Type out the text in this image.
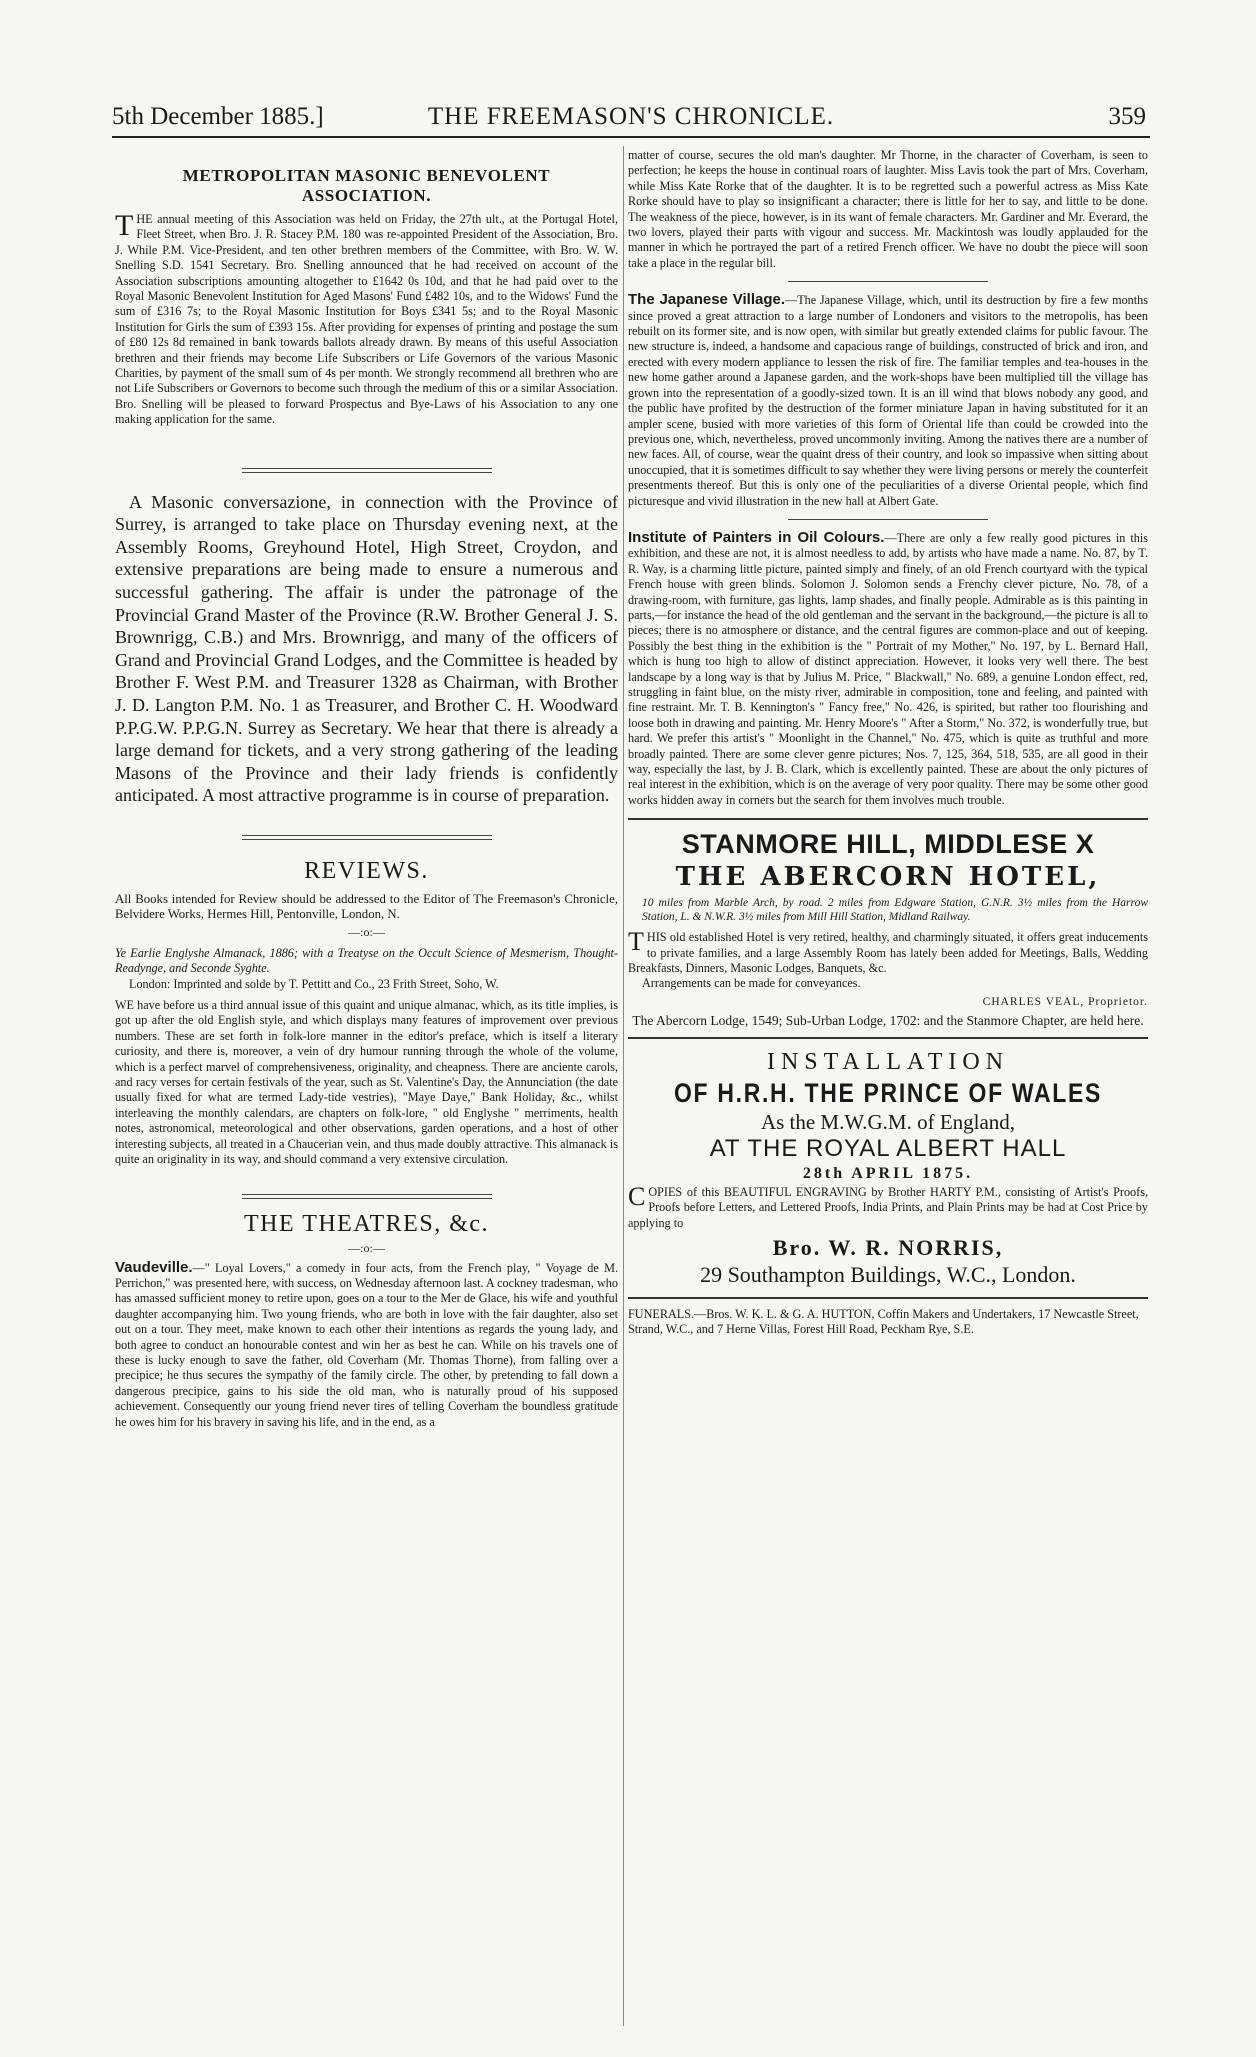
5th December 1885.]	THE FREEMASON'S CHRONICLE.	359
METROPOLITAN MASONIC BENEVOLENT
ASSOCIATION.

THE annual meeting of this Association was held on Friday, the 27th ult., at the Portugal Hotel, Fleet Street, when Bro. J. R. Stacey P.M. 180 was re-appointed President of the Association, Bro. J. While P.M. Vice-President, and ten other brethren members of the Committee, with Bro. W. W. Snelling S.D. 1541 Secretary. Bro. Snelling announced that he had received on account of the Association subscriptions amounting altogether to £1642 0s 10d, and that he had paid over to the Royal Masonic Benevolent Institution for Aged Masons' Fund £482 10s, and to the Widows' Fund the sum of £316 7s; to the Royal Masonic Institution for Boys £341 5s; and to the Royal Masonic Institution for Girls the sum of £393 15s. After providing for expenses of printing and postage the sum of £80 12s 8d remained in bank towards ballots already drawn. By means of this useful Association brethren and their friends may become Life Subscribers or Life Governors of the various Masonic Charities, by payment of the small sum of 4s per month. We strongly recommend all brethren who are not Life Subscribers or Governors to become such through the medium of this or a similar Association. Bro. Snelling will be pleased to forward Prospectus and Bye-Laws of his Association to any one making application for the same.

A Masonic conversazione, in connection with the Province of Surrey, is arranged to take place on Thursday evening next, at the Assembly Rooms, Greyhound Hotel, High Street, Croydon, and extensive preparations are being made to ensure a numerous and successful gathering. The affair is under the patronage of the Provincial Grand Master of the Province (R.W. Brother General J. S. Brownrigg, C.B.) and Mrs. Brownrigg, and many of the officers of Grand and Provincial Grand Lodges, and the Committee is headed by Brother F. West P.M. and Treasurer 1328 as Chairman, with Brother J. D. Langton P.M. No. 1 as Treasurer, and Brother C. H. Woodward P.P.G.W. P.P.G.N. Surrey as Secretary. We hear that there is already a large demand for tickets, and a very strong gathering of the leading Masons of the Province and their lady friends is confidently anticipated. A most attractive programme is in course of preparation.

REVIEWS.

All Books intended for Review should be addressed to the Editor of The Freemason's Chronicle, Belvidere Works, Hermes Hill, Pentonville, London, N.

—:o:—

Ye Earlie Englyshe Almanack, 1886; with a Treatyse on the Occult Science of Mesmerism, Thought-Readynge, and Seconde Syghte.

London: Imprinted and solde by T. Pettitt and Co., 23 Frith Street, Soho, W.

WE have before us a third annual issue of this quaint and unique almanac, which, as its title implies, is got up after the old English style, and which displays many features of improvement over previous numbers. These are set forth in folk-lore manner in the editor's preface, which is itself a literary curiosity, and there is, moreover, a vein of dry humour running through the whole of the volume, which is a perfect marvel of comprehensiveness, originality, and cheapness. There are anciente carols, and racy verses for certain festivals of the year, such as St. Valentine's Day, the Annunciation (the date usually fixed for what are termed Lady-tide vestries), "Maye Daye," Bank Holiday, &c., whilst interleaving the monthly calendars, are chapters on folk-lore, " old Englyshe " merriments, health notes, astronomical, meteorological and other observations, garden operations, and a host of other interesting subjects, all treated in a Chaucerian vein, and thus made doubly attractive. This almanack is quite an originality in its way, and should command a very extensive circulation.

THE THEATRES, &c.

—:o:—

Vaudeville.—" Loyal Lovers," a comedy in four acts, from the French play, " Voyage de M. Perrichon," was presented here, with success, on Wednesday afternoon last. A cockney tradesman, who has amassed sufficient money to retire upon, goes on a tour to the Mer de Glace, his wife and youthful daughter accompanying him. Two young friends, who are both in love with the fair daughter, also set out on a tour. They meet, make known to each other their intentions as regards the young lady, and both agree to conduct an honourable contest and win her as best he can. While on his travels one of these is lucky enough to save the father, old Coverham (Mr. Thomas Thorne), from falling over a precipice; he thus secures the sympathy of the family circle. The other, by pretending to fall down a dangerous precipice, gains to his side the old man, who is naturally proud of his supposed achievement. Consequently our young friend never tires of telling Coverham the boundless gratitude he owes him for his bravery in saving his life, and in the end, as a

matter of course, secures the old man's daughter. Mr Thorne, in the character of Coverham, is seen to perfection; he keeps the house in continual roars of laughter. Miss Lavis took the part of Mrs. Coverham, while Miss Kate Rorke that of the daughter. It is to be regretted such a powerful actress as Miss Kate Rorke should have to play so insignificant a character; there is little for her to say, and little to be done. The weakness of the piece, however, is in its want of female characters. Mr. Gardiner and Mr. Everard, the two lovers, played their parts with vigour and success. Mr. Mackintosh was loudly applauded for the manner in which he portrayed the part of a retired French officer. We have no doubt the piece will soon take a place in the regular bill.

The Japanese Village.—The Japanese Village, which, until its destruction by fire a few months since proved a great attraction to a large number of Londoners and visitors to the metropolis, has been rebuilt on its former site, and is now open, with similar but greatly extended claims for public favour. The new structure is, indeed, a handsome and capacious range of buildings, constructed of brick and iron, and erected with every modern appliance to lessen the risk of fire. The familiar temples and tea-houses in the new home gather around a Japanese garden, and the work-shops have been multiplied till the village has grown into the representation of a goodly-sized town. It is an ill wind that blows nobody any good, and the public have profited by the destruction of the former miniature Japan in having substituted for it an ampler scene, busied with more varieties of this form of Oriental life than could be crowded into the previous one, which, nevertheless, proved uncommonly inviting. Among the natives there are a number of new faces. All, of course, wear the quaint dress of their country, and look so impassive when sitting about unoccupied, that it is sometimes difficult to say whether they were living persons or merely the counterfeit presentments thereof. But this is only one of the peculiarities of a diverse Oriental people, which find picturesque and vivid illustration in the new hall at Albert Gate.

Institute of Painters in Oil Colours.—There are only a few really good pictures in this exhibition, and these are not, it is almost needless to add, by artists who have made a name. No. 87, by T. R. Way, is a charming little picture, painted simply and finely, of an old French courtyard with the typical French house with green blinds. Solomon J. Solomon sends a Frenchy clever picture, No. 78, of a drawing-room, with furniture, gas lights, lamp shades, and finally people. Admirable as is this painting in parts,—for instance the head of the old gentleman and the servant in the background,—the picture is all to pieces; there is no atmosphere or distance, and the central figures are common-place and out of keeping. Possibly the best thing in the exhibition is the " Portrait of my Mother," No. 197, by L. Bernard Hall, which is hung too high to allow of distinct appreciation. However, it looks very well there. The best landscape by a long way is that by Julius M. Price, " Blackwall," No. 689, a genuine London effect, red, struggling in faint blue, on the misty river, admirable in composition, tone and feeling, and painted with fine restraint. Mr. T. B. Kennington's " Fancy free," No. 426, is spirited, but rather too flourishing and loose both in drawing and painting. Mr. Henry Moore's " After a Storm," No. 372, is wonderfully true, but hard. We prefer this artist's " Moonlight in the Channel," No. 475, which is quite as truthful and more broadly painted. There are some clever genre pictures; Nos. 7, 125, 364, 518, 535, are all good in their way, especially the last, by J. B. Clark, which is excellently painted. These are about the only pictures of real interest in the exhibition, which is on the average of very poor quality. There may be some other good works hidden away in corners but the search for them involves much trouble.

STANMORE HILL, MIDDLESE X

THE ABERCORN HOTEL,

10 miles from Marble Arch, by road. 2 miles from Edgware Station, G.N.R. 3½ miles from the Harrow Station, L. & N.W.R. 3½ miles from Mill Hill Station, Midland Railway.

THIS old established Hotel is very retired, healthy, and charmingly situated, it offers great inducements to private families, and a large Assembly Room has lately been added for Meetings, Balls, Wedding Breakfasts, Dinners, Masonic Lodges, Banquets, &c.

Arrangements can be made for conveyances.

CHARLES VEAL, Proprietor.

The Abercorn Lodge, 1549; Sub-Urban Lodge, 1702: and the Stanmore Chapter, are held here.

INSTALLATION

OF H.R.H. THE PRINCE OF WALES

As the M.W.G.M. of England,

AT THE ROYAL ALBERT HALL

28th APRIL 1875.

COPIES of this BEAUTIFUL ENGRAVING by Brother HARTY P.M., consisting of Artist's Proofs, Proofs before Letters, and Lettered Proofs, India Prints, and Plain Prints may be had at Cost Price by applying to

Bro. W. R. NORRIS,

29 Southampton Buildings, W.C., London.

FUNERALS.—Bros. W. K. L. & G. A. HUTTON, Coffin Makers and Undertakers, 17 Newcastle Street, Strand, W.C., and 7 Herne Villas, Forest Hill Road, Peckham Rye, S.E.
